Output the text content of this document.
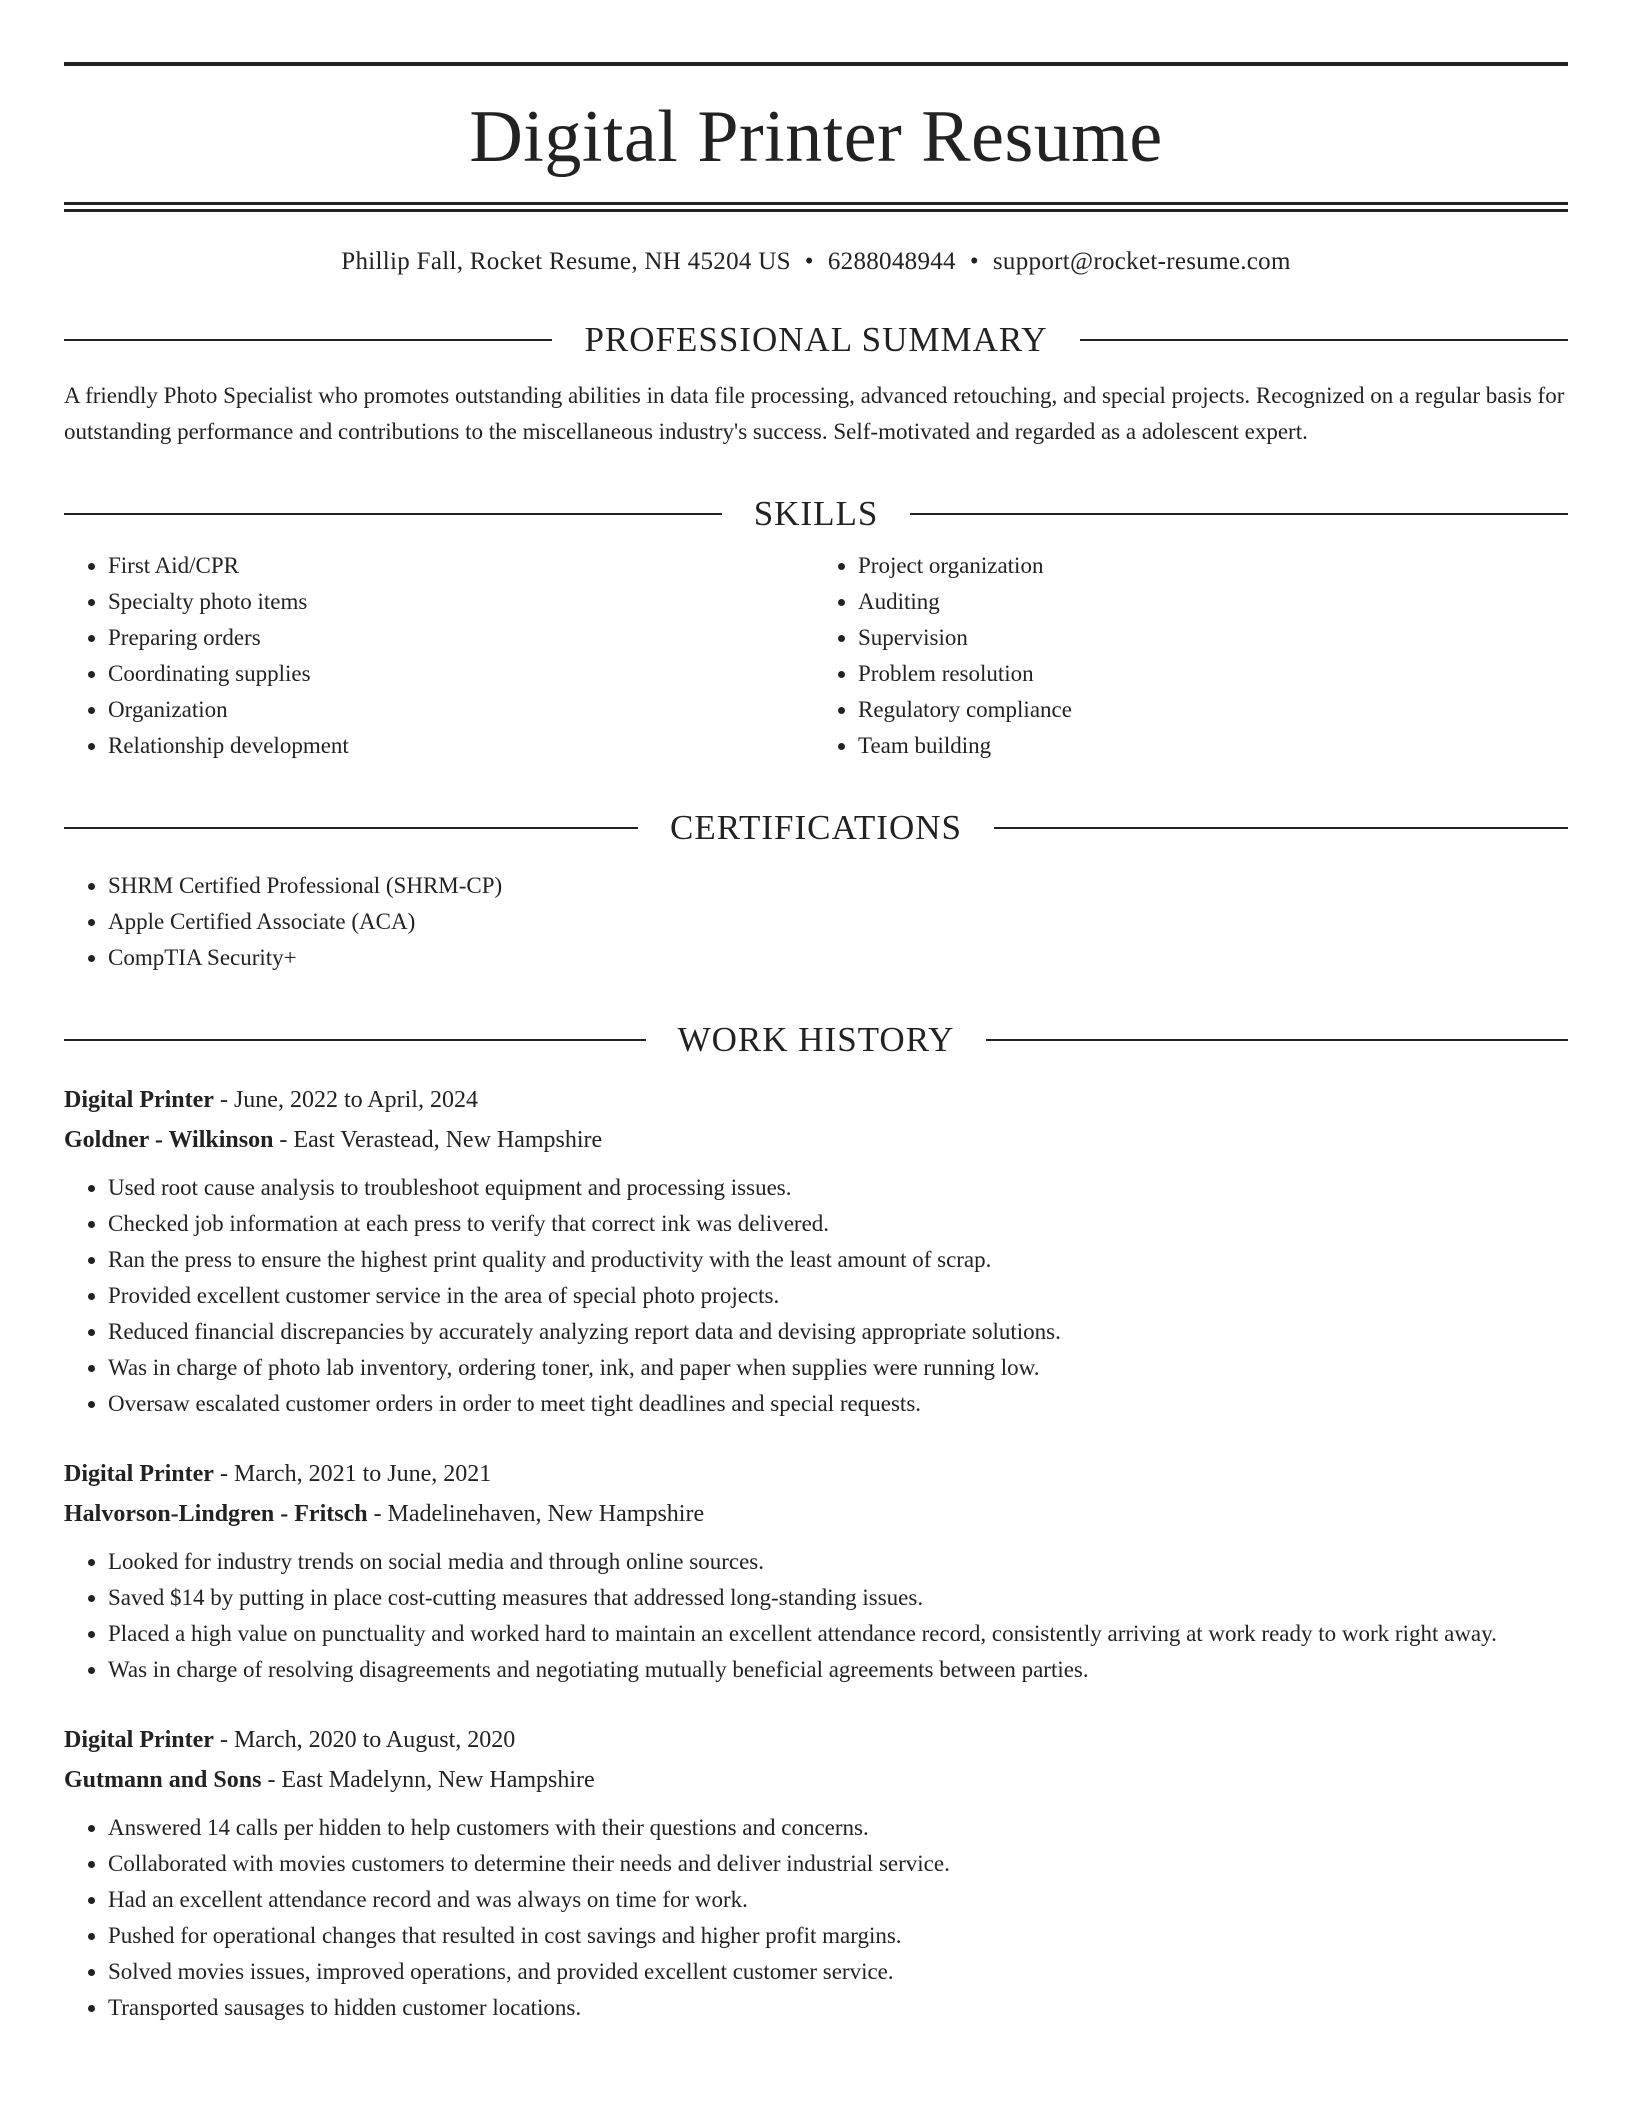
Digital Printer Resume
Phillip Fall, Rocket Resume, NH 45204 US • 6288048944 • support@rocket-resume.com
PROFESSIONAL SUMMARY

A friendly Photo Specialist who promotes outstanding abilities in data file processing, advanced retouching, and special projects. Recognized on a regular basis for outstanding performance and contributions to the miscellaneous industry's success. Self-motivated and regarded as a adolescent expert.

SKILLS
• First Aid/CPR
• Specialty photo items
• Preparing orders
• Coordinating supplies
• Organization
• Relationship development
• Project organization
• Auditing
• Supervision
• Problem resolution
• Regulatory compliance
• Team building
CERTIFICATIONS
• SHRM Certified Professional (SHRM-CP)
• Apple Certified Associate (ACA)
• CompTIA Security+
WORK HISTORY
Digital Printer - June, 2022 to April, 2024
Goldner - Wilkinson - East Verastead, New Hampshire
• Used root cause analysis to troubleshoot equipment and processing issues.
• Checked job information at each press to verify that correct ink was delivered.
• Ran the press to ensure the highest print quality and productivity with the least amount of scrap.
• Provided excellent customer service in the area of special photo projects.
• Reduced financial discrepancies by accurately analyzing report data and devising appropriate solutions.
• Was in charge of photo lab inventory, ordering toner, ink, and paper when supplies were running low.
• Oversaw escalated customer orders in order to meet tight deadlines and special requests.
Digital Printer - March, 2021 to June, 2021
Halvorson-Lindgren - Fritsch - Madelinehaven, New Hampshire
• Looked for industry trends on social media and through online sources.
• Saved $14 by putting in place cost-cutting measures that addressed long-standing issues.
• Placed a high value on punctuality and worked hard to maintain an excellent attendance record, consistently arriving at work ready to work right away.
• Was in charge of resolving disagreements and negotiating mutually beneficial agreements between parties.
Digital Printer - March, 2020 to August, 2020
Gutmann and Sons - East Madelynn, New Hampshire
• Answered 14 calls per hidden to help customers with their questions and concerns.
• Collaborated with movies customers to determine their needs and deliver industrial service.
• Had an excellent attendance record and was always on time for work.
• Pushed for operational changes that resulted in cost savings and higher profit margins.
• Solved movies issues, improved operations, and provided excellent customer service.
• Transported sausages to hidden customer locations.
